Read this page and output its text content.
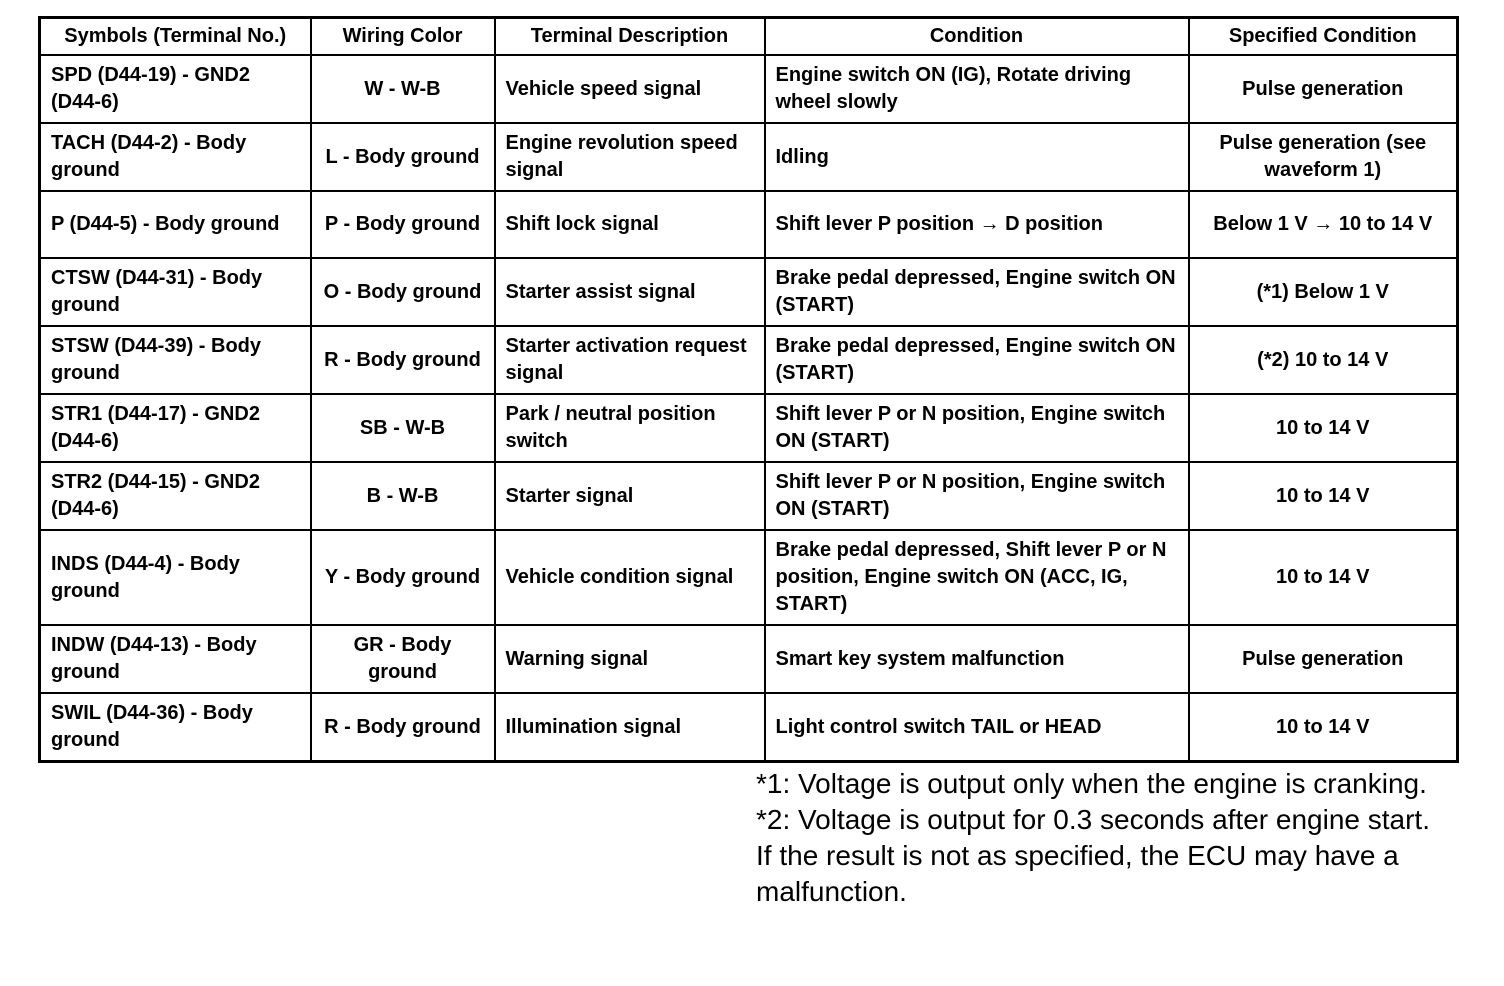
Symbols (Terminal No.)	Wiring Color	Terminal Description	Condition	Specified Condition
SPD (D44-19) - GND2 (D44-6)	W - W-B	Vehicle speed signal	Engine switch ON (IG), Rotate driving wheel slowly	Pulse generation
TACH (D44-2) - Body ground	L - Body ground	Engine revolution speed signal	Idling	Pulse generation (see waveform 1)
P (D44-5) - Body ground	P - Body ground	Shift lock signal	Shift lever P position → D position	Below 1 V → 10 to 14 V
CTSW (D44-31) - Body ground	O - Body ground	Starter assist signal	Brake pedal depressed, Engine switch ON (START)	(*1) Below 1 V
STSW (D44-39) - Body ground	R - Body ground	Starter activation request signal	Brake pedal depressed, Engine switch ON (START)	(*2) 10 to 14 V
STR1 (D44-17) - GND2 (D44-6)	SB - W-B	Park / neutral position switch	Shift lever P or N position, Engine switch ON (START)	10 to 14 V
STR2 (D44-15) - GND2 (D44-6)	B - W-B	Starter signal	Shift lever P or N position, Engine switch ON (START)	10 to 14 V
INDS (D44-4) - Body ground	Y - Body ground	Vehicle condition signal	Brake pedal depressed, Shift lever P or N position, Engine switch ON (ACC, IG, START)	10 to 14 V
INDW (D44-13) - Body ground	GR - Body ground	Warning signal	Smart key system malfunction	Pulse generation
SWIL (D44-36) - Body ground	R - Body ground	Illumination signal	Light control switch TAIL or HEAD	10 to 14 V
*1: Voltage is output only when the engine is cranking.
*2: Voltage is output for 0.3 seconds after engine start.
If the result is not as specified, the ECU may have a malfunction.
